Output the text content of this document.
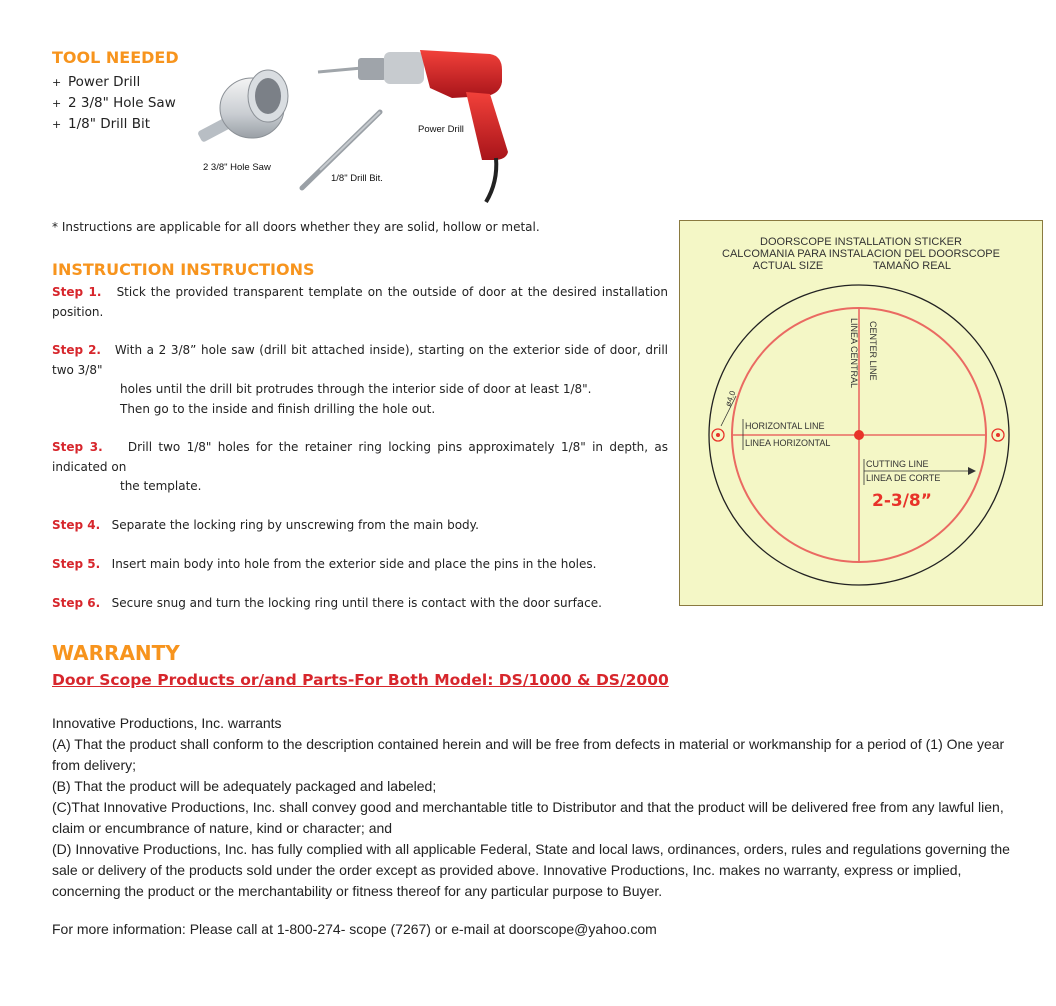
TOOL NEEDED
+ Power Drill
+ 2 3/8" Hole Saw
+ 1/8" Drill Bit
2 3/8" Hole Saw
1/8" Drill Bit.
Power Drill
* Instructions are applicable for all doors whether they are solid, hollow or metal.
INSTRUCTION INSTRUCTIONS
Step 1. Stick the provided transparent template on the outside of door at the desired installation
position.
Step 2. With a 2 3/8” hole saw (drill bit attached inside), starting on the exterior side of door, drill
two 3/8"
holes until the drill bit protrudes through the interior side of door at least 1/8".
Then go to the inside and finish drilling the hole out.
Step 3. Drill two 1/8" holes for the retainer ring locking pins approximately 1/8" in depth, as
indicated on
the template.
Step 4. Separate the locking ring by unscrewing from the main body.
Step 5. Insert main body into hole from the exterior side and place the pins in the holes.
Step 6. Secure snug and turn the locking ring until there is contact with the door surface.
DOORSCOPE INSTALLATION STICKER
CALCOMANIA PARA INSTALACION DEL DOORSCOPE
ACTUAL SIZE	TAMAÑO REAL
ø4.0
LINEA CENTRAL CENTER LINE
HORIZONTAL LINE
LINEA HORIZONTAL
CUTTING LINE
LINEA DE CORTE
2-3/8”
WARRANTY
Door Scope Products or/and Parts-For Both Model: DS/1000 & DS/2000

Innovative Productions, Inc. warrants

(A) That the product shall conform to the description contained herein and will be free from defects in material or workmanship for a period of (1) One year from delivery;

(B) That the product will be adequately packaged and labeled;

(C)That Innovative Productions, Inc. shall convey good and merchantable title to Distributor and that the product will be delivered free from any lawful lien, claim or encumbrance of nature, kind or character; and

(D) Innovative Productions, Inc. has fully complied with all applicable Federal, State and local laws, ordinances, orders, rules and regulations governing the sale or delivery of the products sold under the order except as provided above. Innovative Productions, Inc. makes no warranty, express or implied, concerning the product or the merchantability or fitness thereof for any particular purpose to Buyer.

For more information: Please call at 1-800-274- scope (7267) or e-mail at doorscope@yahoo.com
